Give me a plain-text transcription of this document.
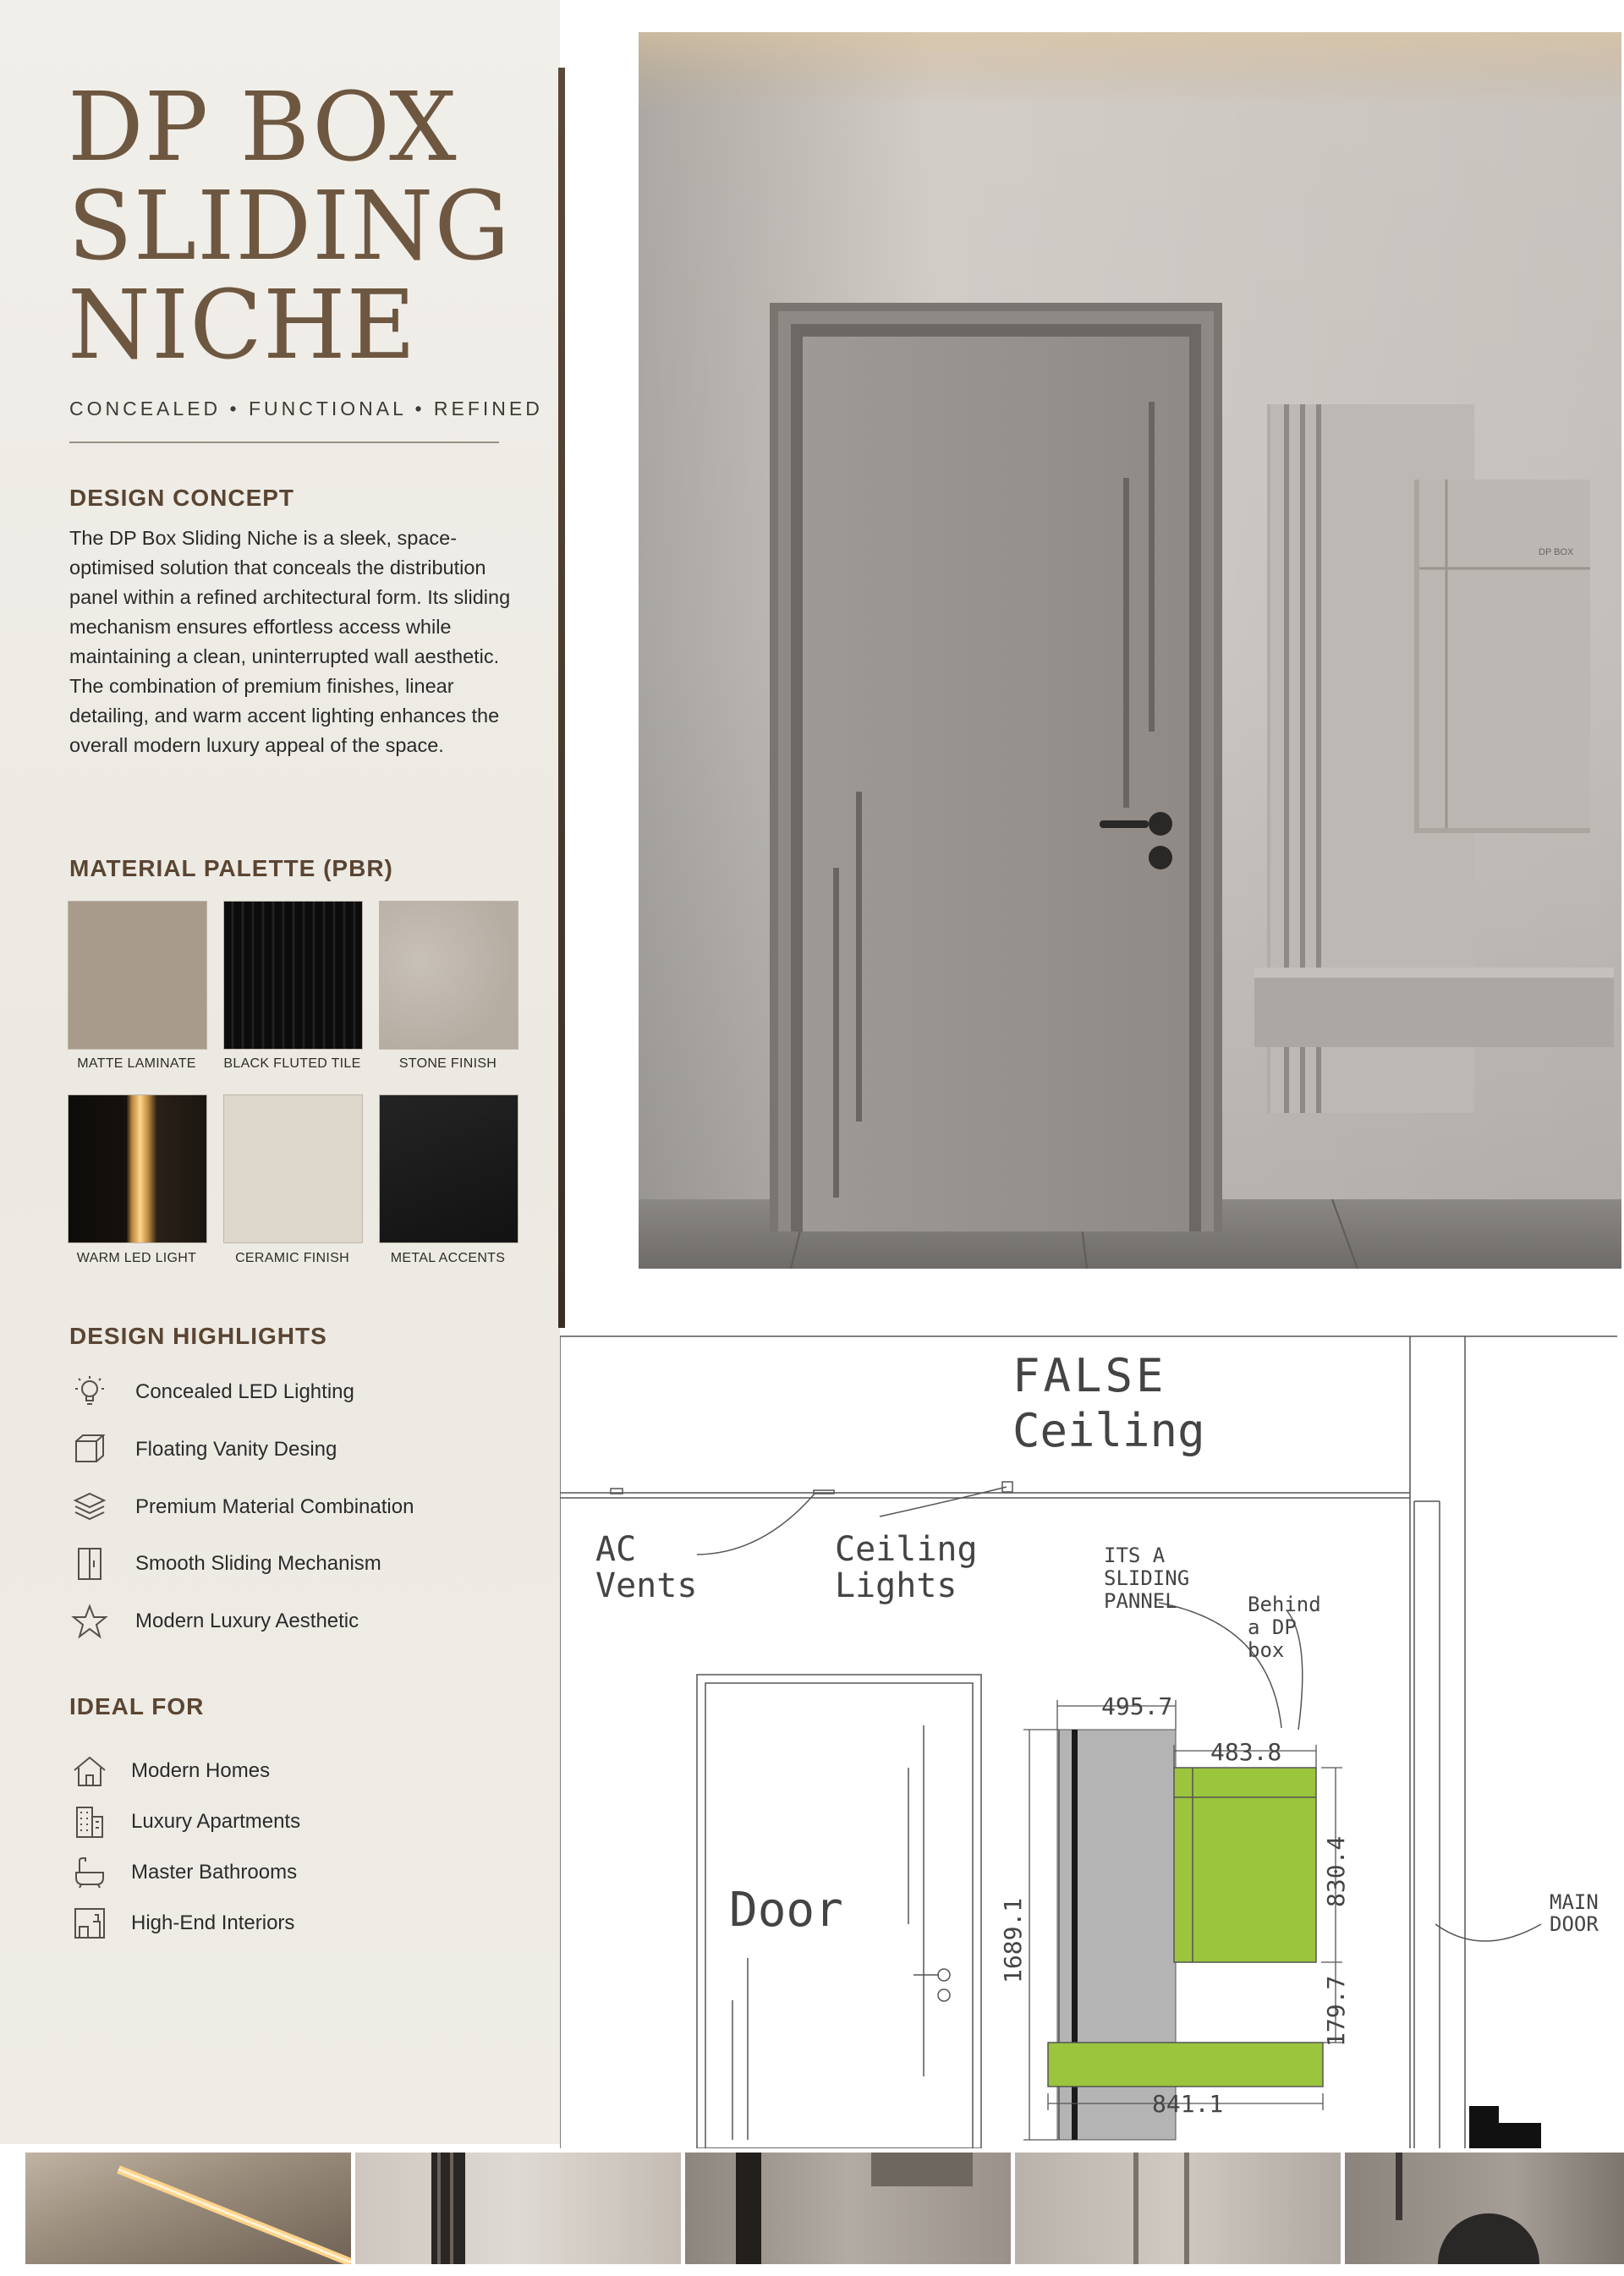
DP BOX
SLIDING
NICHE
CONCEALED • FUNCTIONAL • REFINED
DESIGN CONCEPT
The DP Box Sliding Niche is a sleek, space-optimised solution that conceals the distribution panel within a refined architectural form. Its sliding mechanism ensures effortless access while maintaining a clean, uninterrupted wall aesthetic. The combination of premium finishes, linear detailing, and warm accent lighting enhances the overall modern luxury appeal of the space.
MATERIAL PALETTE (PBR)
MATTE LAMINATE	BLACK FLUTED TILE	STONE FINISH
WARM LED LIGHT	CERAMIC FINISH	METAL ACCENTS
DESIGN HIGHLIGHTS
Concealed LED Lighting
Floating Vanity Desing
Premium Material Combination
Smooth Sliding Mechanism
Modern Luxury Aesthetic
IDEAL FOR
Modern Homes
Luxury Apartments
Master Bathrooms
High-End Interiors
DP BOX
FALSE
Ceiling
AC
Vents
Ceiling
Lights
ITS A
SLIDING
PANNEL	Behind
a DP
box
Door	MAIN
DOOR
495.7
483.8
1689.1
830.4
179.7
841.1
